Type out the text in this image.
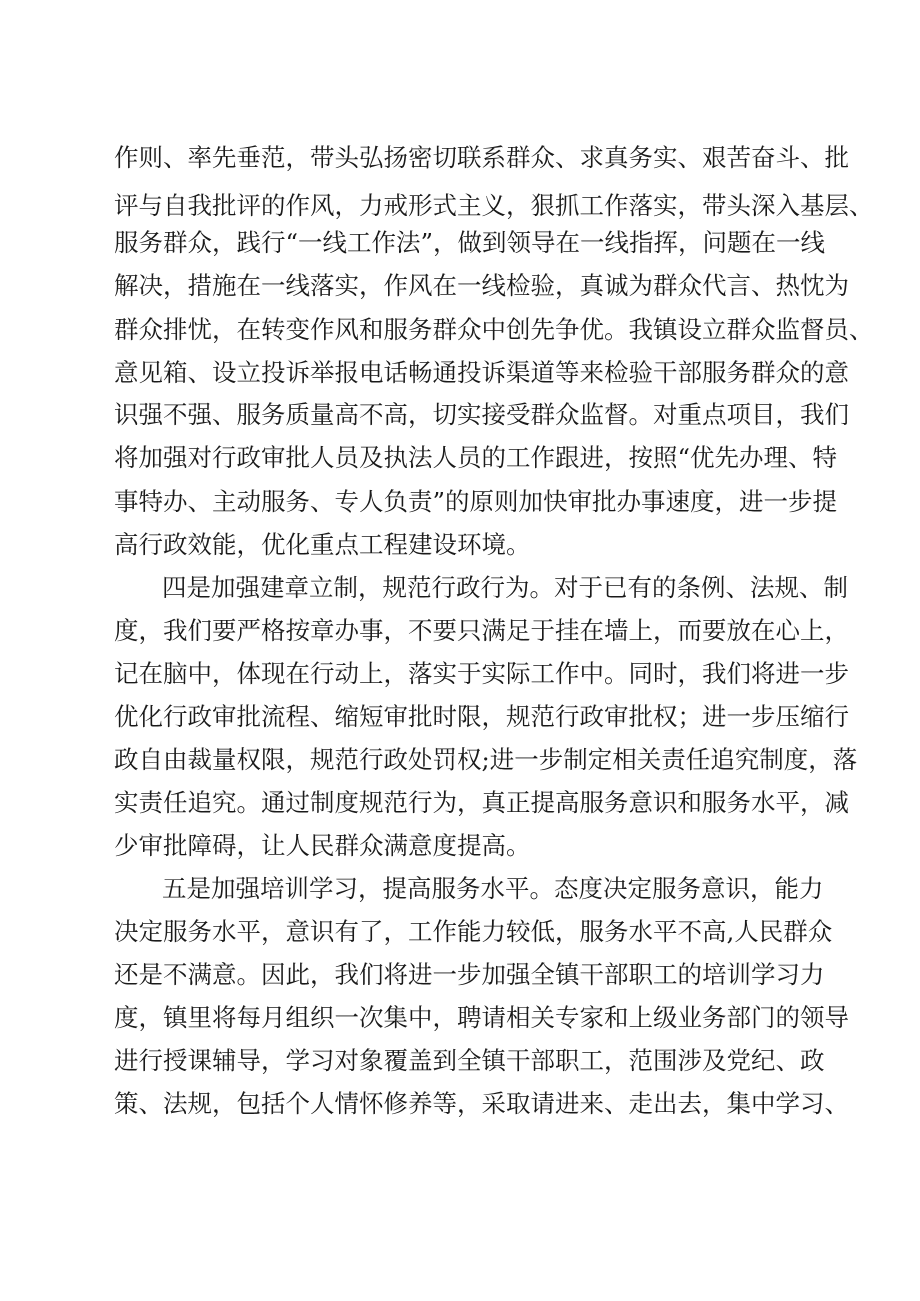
作则、率先垂范，带头弘扬密切联系群众、求真务实、艰苦奋斗、批
评与自我批评的作风，力戒形式主义，狠抓工作落实，带头深入基层、
服务群众，践行“一线工作法”，做到领导在一线指挥，问题在一线
解决，措施在一线落实，作风在一线检验，真诚为群众代言、热忱为
群众排忧，在转变作风和服务群众中创先争优。我镇设立群众监督员、
意见箱、设立投诉举报电话畅通投诉渠道等来检验干部服务群众的意
识强不强、服务质量高不高，切实接受群众监督。对重点项目，我们
将加强对行政审批人员及执法人员的工作跟进，按照“优先办理、特
事特办、主动服务、专人负责”的原则加快审批办事速度，进一步提
高行政效能，优化重点工程建设环境。
四是加强建章立制，规范行政行为。对于已有的条例、法规、制
度，我们要严格按章办事，不要只满足于挂在墙上，而要放在心上，
记在脑中，体现在行动上，落实于实际工作中。同时，我们将进一步
优化行政审批流程、缩短审批时限，规范行政审批权；进一步压缩行
政自由裁量权限，规范行政处罚权;进一步制定相关责任追究制度，落
实责任追究。通过制度规范行为，真正提高服务意识和服务水平，减
少审批障碍，让人民群众满意度提高。
五是加强培训学习，提高服务水平。态度决定服务意识，能力
决定服务水平，意识有了，工作能力较低，服务水平不高,人民群众
还是不满意。因此，我们将进一步加强全镇干部职工的培训学习力
度，镇里将每月组织一次集中，聘请相关专家和上级业务部门的领导
进行授课辅导，学习对象覆盖到全镇干部职工，范围涉及党纪、政
策、法规，包括个人情怀修养等，采取请进来、走出去，集中学习、
